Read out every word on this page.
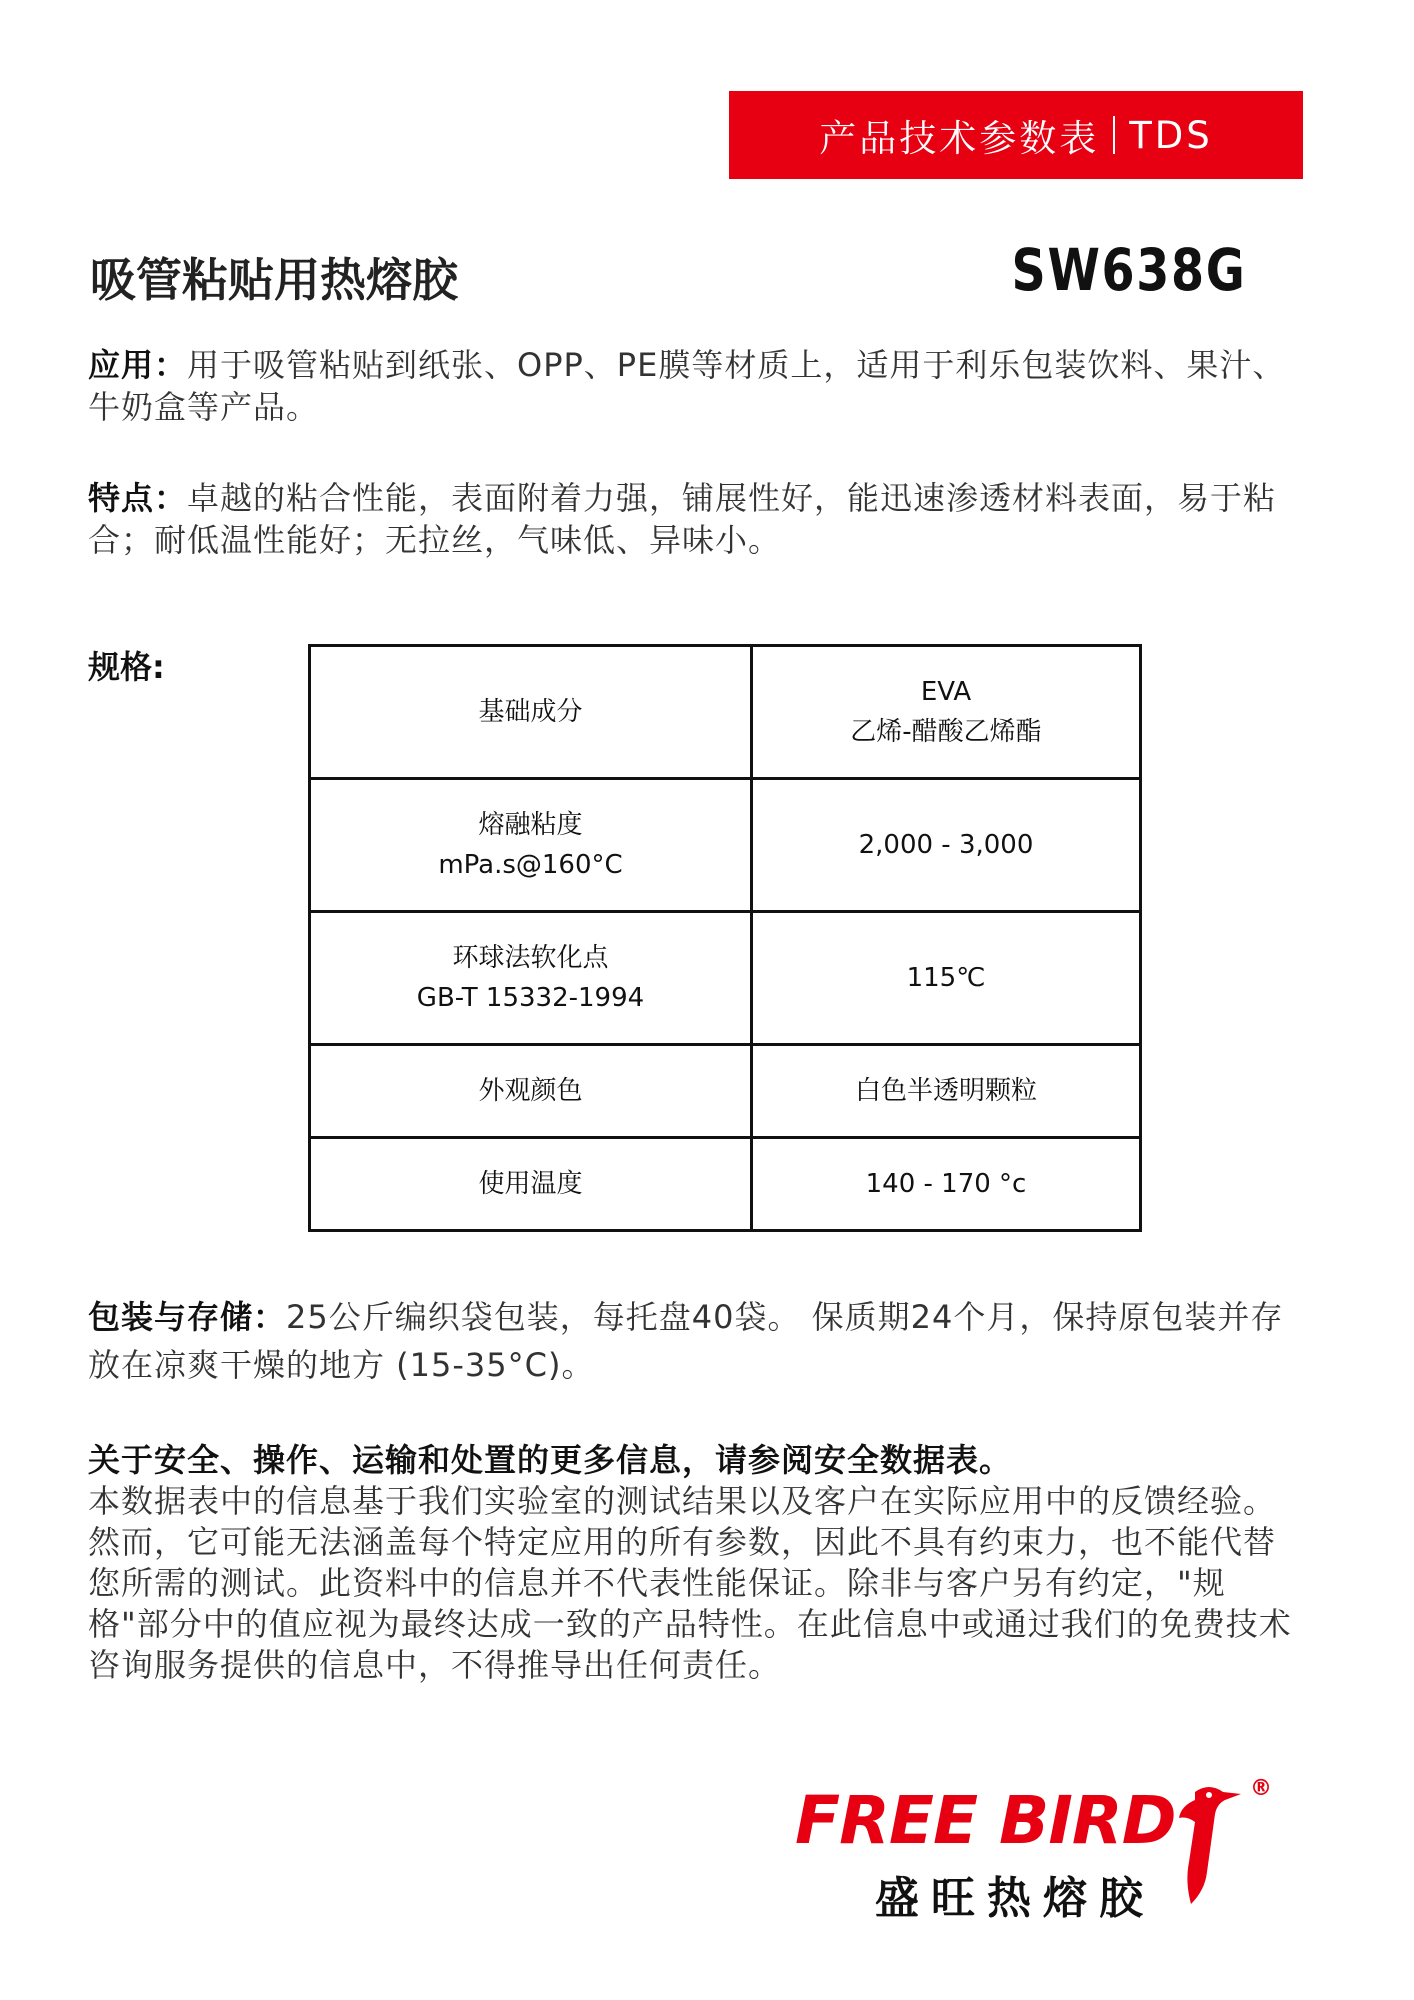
产品技术参数表 TDS
吸管粘贴用热熔胶	SW638G
应用：用于吸管粘贴到纸张、OPP、PE膜等材质上，适用于利乐包装饮料、果汁、牛奶盒等产品。
特点：卓越的粘合性能，表面附着力强，铺展性好，能迅速渗透材料表面，易于粘合；耐低温性能好；无拉丝，气味低、异味小。
规格:
基础成分	EVA
乙烯-醋酸乙烯酯

熔融粘度
mPa.s@160°C	2,000 - 3,000

环球法软化点
GB-T 15332-1994	115℃

外观颜色	白色半透明颗粒

使用温度	140 - 170 °c
包装与存储：25公斤编织袋包装，每托盘40袋。 保质期24个月，保持原包装并存放在凉爽干燥的地方 (15-35°C)。
关于安全、操作、运输和处置的更多信息，请参阅安全数据表。
本数据表中的信息基于我们实验室的测试结果以及客户在实际应用中的反馈经验。然而，它可能无法涵盖每个特定应用的所有参数，因此不具有约束力，也不能代替您所需的测试。此资料中的信息并不代表性能保证。除非与客户另有约定，"规格"部分中的值应视为最终达成一致的产品特性。在此信息中或通过我们的免费技术咨询服务提供的信息中，不得推导出任何责任。
FREE BIRD
盛旺热熔胶
®
